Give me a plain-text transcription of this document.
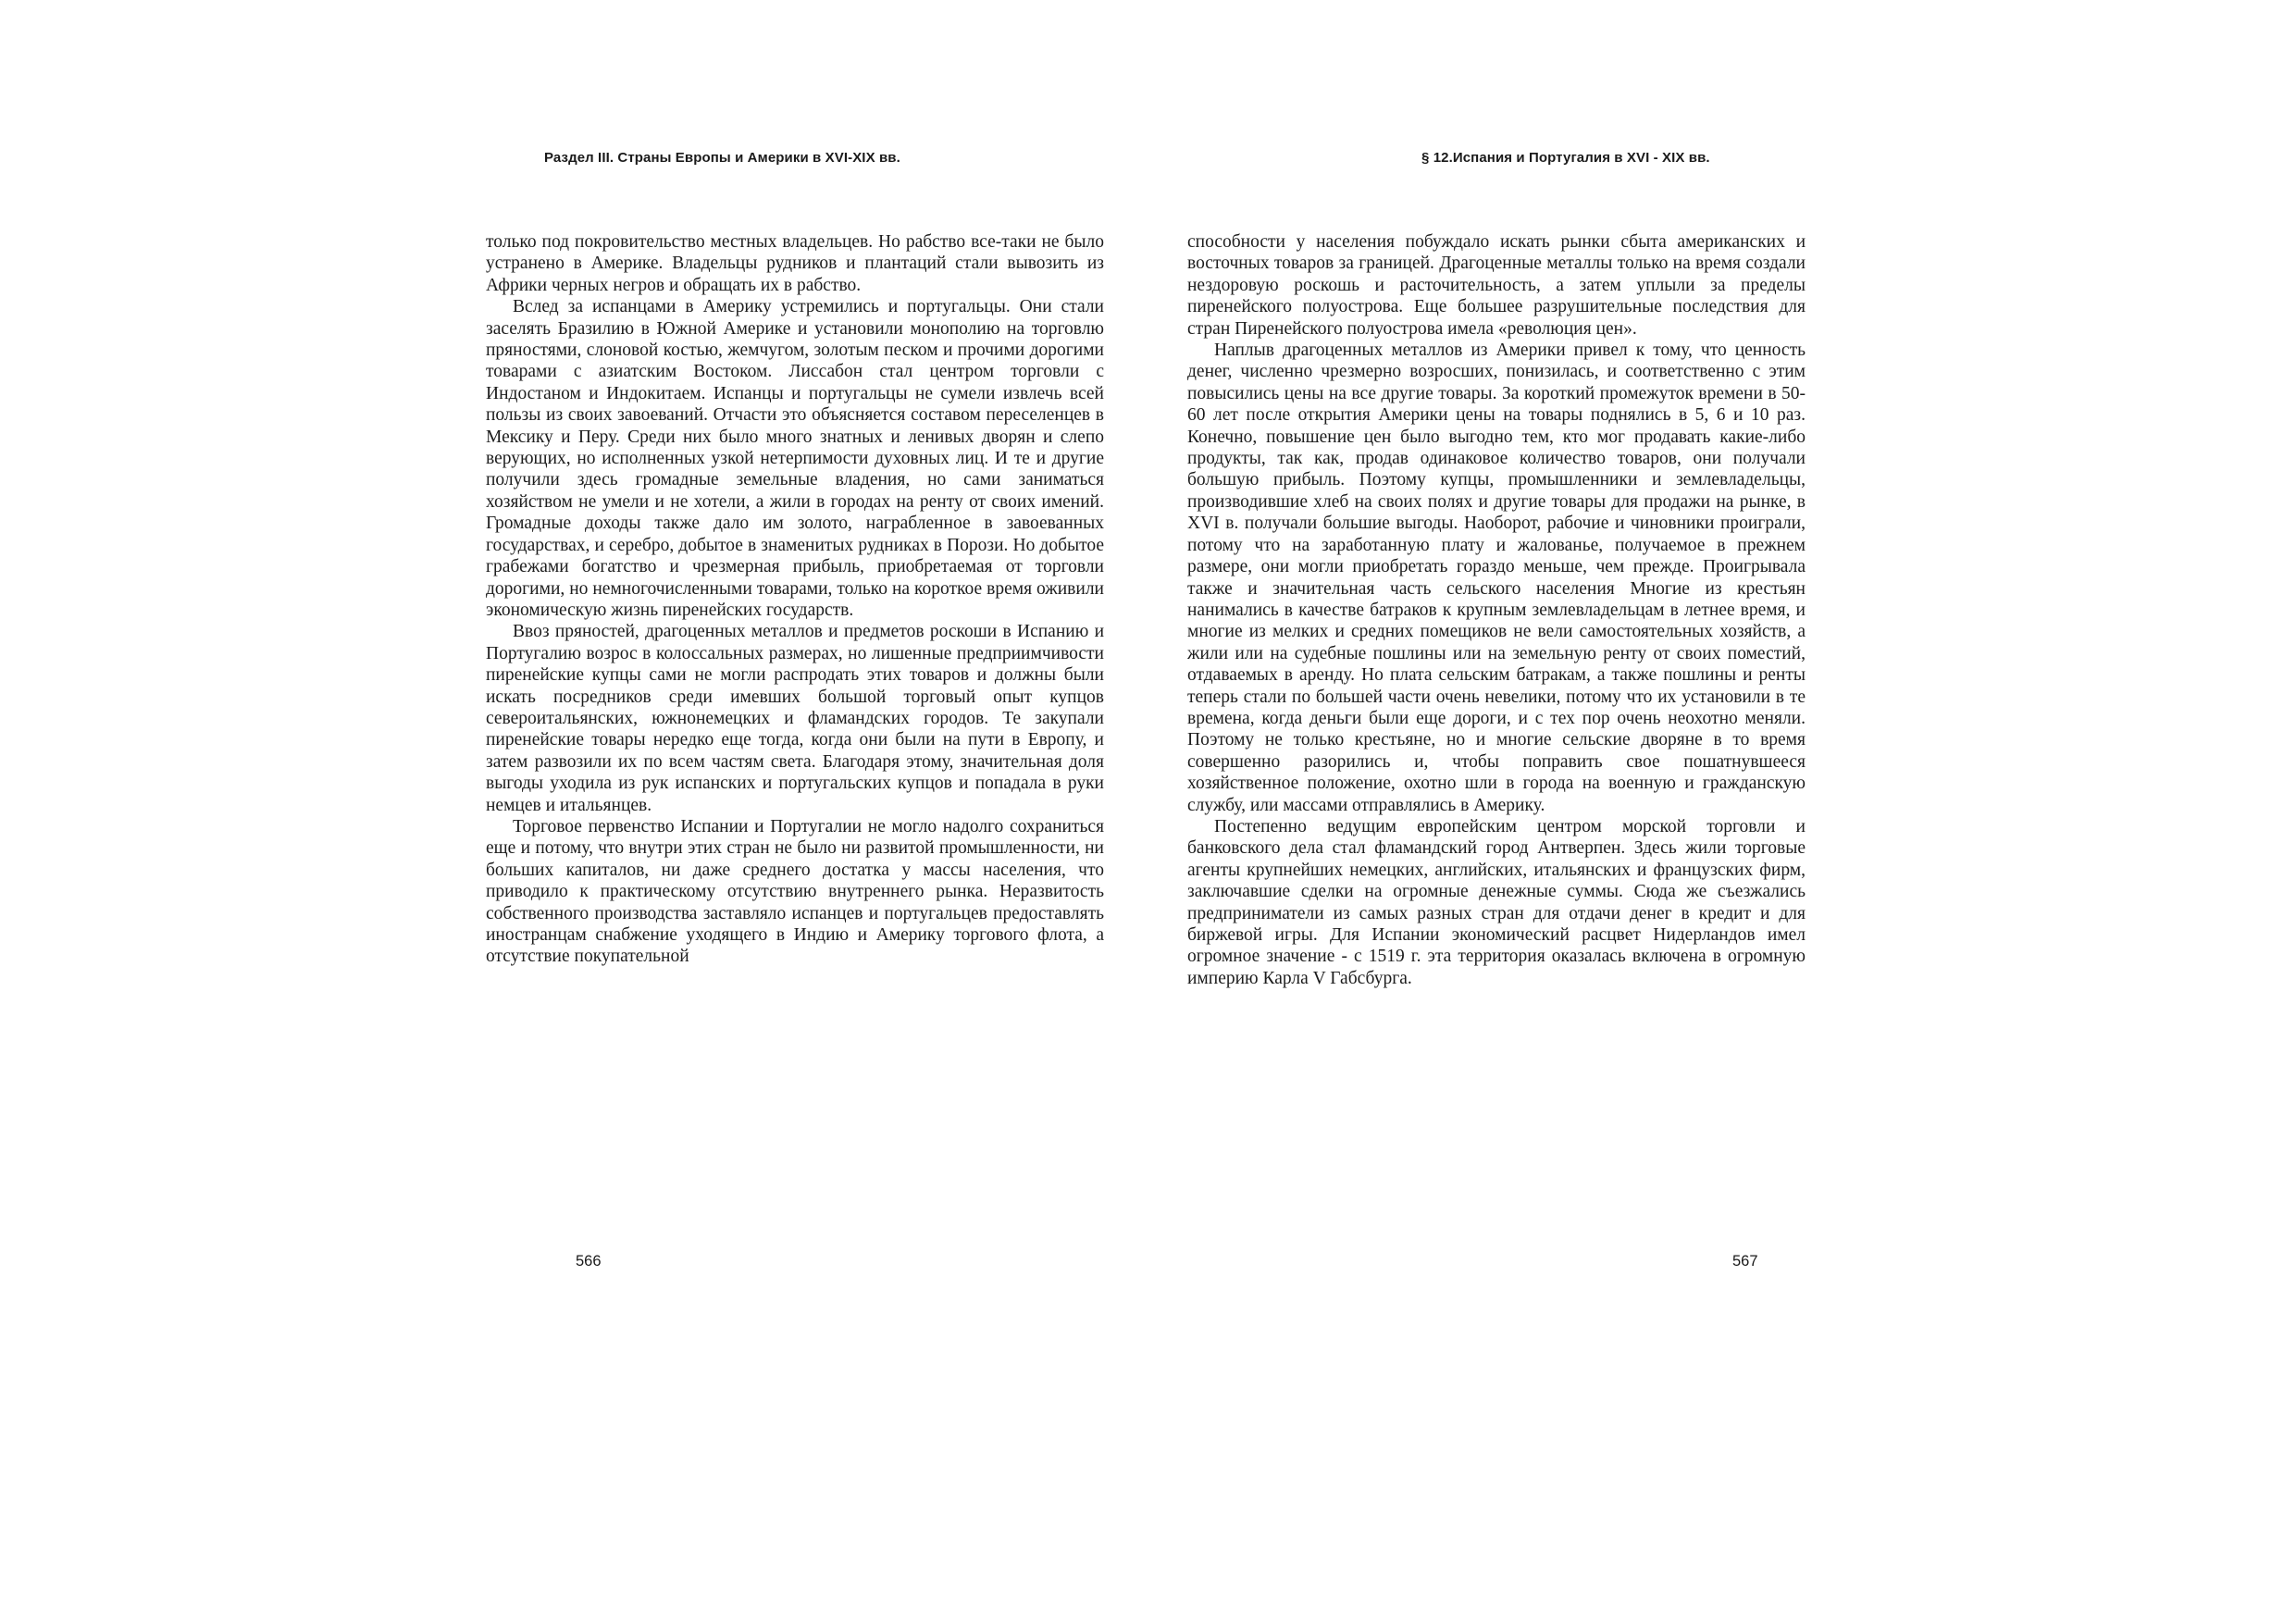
Раздел III. Страны Европы и Америки в XVI-XIX вв.

только под покровительство местных владельцев. Но рабство все-таки не было устранено в Америке. Владельцы рудников и плантаций стали вывозить из Африки черных негров и обращать их в рабство.

Вслед за испанцами в Америку устремились и португальцы. Они стали заселять Бразилию в Южной Америке и установили монополию на торговлю пряностями, слоновой костью, жемчугом, золотым песком и прочими дорогими товарами с азиатским Востоком. Лиссабон стал центром торговли с Индостаном и Индокитаем. Испанцы и португальцы не сумели извлечь всей пользы из своих завоеваний. Отчасти это объясняется составом переселенцев в Мексику и Перу. Среди них было много знатных и ленивых дворян и слепо верующих, но исполненных узкой нетерпимости духовных лиц. И те и другие получили здесь громадные земельные владения, но сами заниматься хозяйством не умели и не хотели, а жили в городах на ренту от своих имений. Громадные доходы также дало им золото, награбленное в завоеванных государствах, и серебро, добытое в знаменитых рудниках в Порози. Но добытое грабежами богатство и чрезмерная прибыль, приобретаемая от торговли дорогими, но немногочисленными товарами, только на короткое время оживили экономическую жизнь пиренейских государств.

Ввоз пряностей, драгоценных металлов и предметов роскоши в Испанию и Португалию возрос в колоссальных размерах, но лишенные предприимчивости пиренейские купцы сами не могли распродать этих товаров и должны были искать посредников среди имевших большой торговый опыт купцов североитальянских, южнонемецких и фламандских городов. Те закупали пиренейские товары нередко еще тогда, когда они были на пути в Европу, и затем развозили их по всем частям света. Благодаря этому, значительная доля выгоды уходила из рук испанских и португальских купцов и попадала в руки немцев и итальянцев.

Торговое первенство Испании и Португалии не могло надолго сохраниться еще и потому, что внутри этих стран не было ни развитой промышленности, ни больших капиталов, ни даже среднего достатка у массы населения, что приводило к практическому отсутствию внутреннего рынка. Неразвитость собственного производства заставляло испанцев и португальцев предоставлять иностранцам снабжение уходящего в Индию и Америку торгового флота, а отсутствие покупательной

566
§ 12.Испания и Португалия в XVI - XIX вв.

способности у населения побуждало искать рынки сбыта американских и восточных товаров за границей. Драгоценные металлы только на время создали нездоровую роскошь и расточительность, а затем уплыли за пределы пиренейского полуострова. Еще большее разрушительные последствия для стран Пиренейского полуострова имела «революция цен».

Наплыв драгоценных металлов из Америки привел к тому, что ценность денег, численно чрезмерно возросших, понизилась, и соответственно с этим повысились цены на все другие товары. За короткий промежуток времени в 50-60 лет после открытия Америки цены на товары поднялись в 5, 6 и 10 раз. Конечно, повышение цен было выгодно тем, кто мог продавать какие-либо продукты, так как, продав одинаковое количество товаров, они получали большую прибыль. Поэтому купцы, промышленники и землевладельцы, производившие хлеб на своих полях и другие товары для продажи на рынке, в XVI в. получали большие выгоды. Наоборот, рабочие и чиновники проиграли, потому что на заработанную плату и жалованье, получаемое в прежнем размере, они могли приобретать гораздо меньше, чем прежде. Проигрывала также и значительная часть сельского населения Многие из крестьян нанимались в качестве батраков к крупным землевладельцам в летнее время, и многие из мелких и средних помещиков не вели самостоятельных хозяйств, а жили или на судебные пошлины или на земельную ренту от своих поместий, отдаваемых в аренду. Но плата сельским батракам, а также пошлины и ренты теперь стали по большей части очень невелики, потому что их установили в те времена, когда деньги были еще дороги, и с тех пор очень неохотно меняли. Поэтому не только крестьяне, но и многие сельские дворяне в то время совершенно разорились и, чтобы поправить свое пошатнувшееся хозяйственное положение, охотно шли в города на военную и гражданскую службу, или массами отправлялись в Америку.

Постепенно ведущим европейским центром морской торговли и банковского дела стал фламандский город Антверпен. Здесь жили торговые агенты крупнейших немецких, английских, итальянских и французских фирм, заключавшие сделки на огромные денежные суммы. Сюда же съезжались предприниматели из самых разных стран для отдачи денег в кредит и для биржевой игры. Для Испании экономический расцвет Нидерландов имел огромное значение - с 1519 г. эта территория оказалась включена в огромную империю Карла V Габсбурга.

567
